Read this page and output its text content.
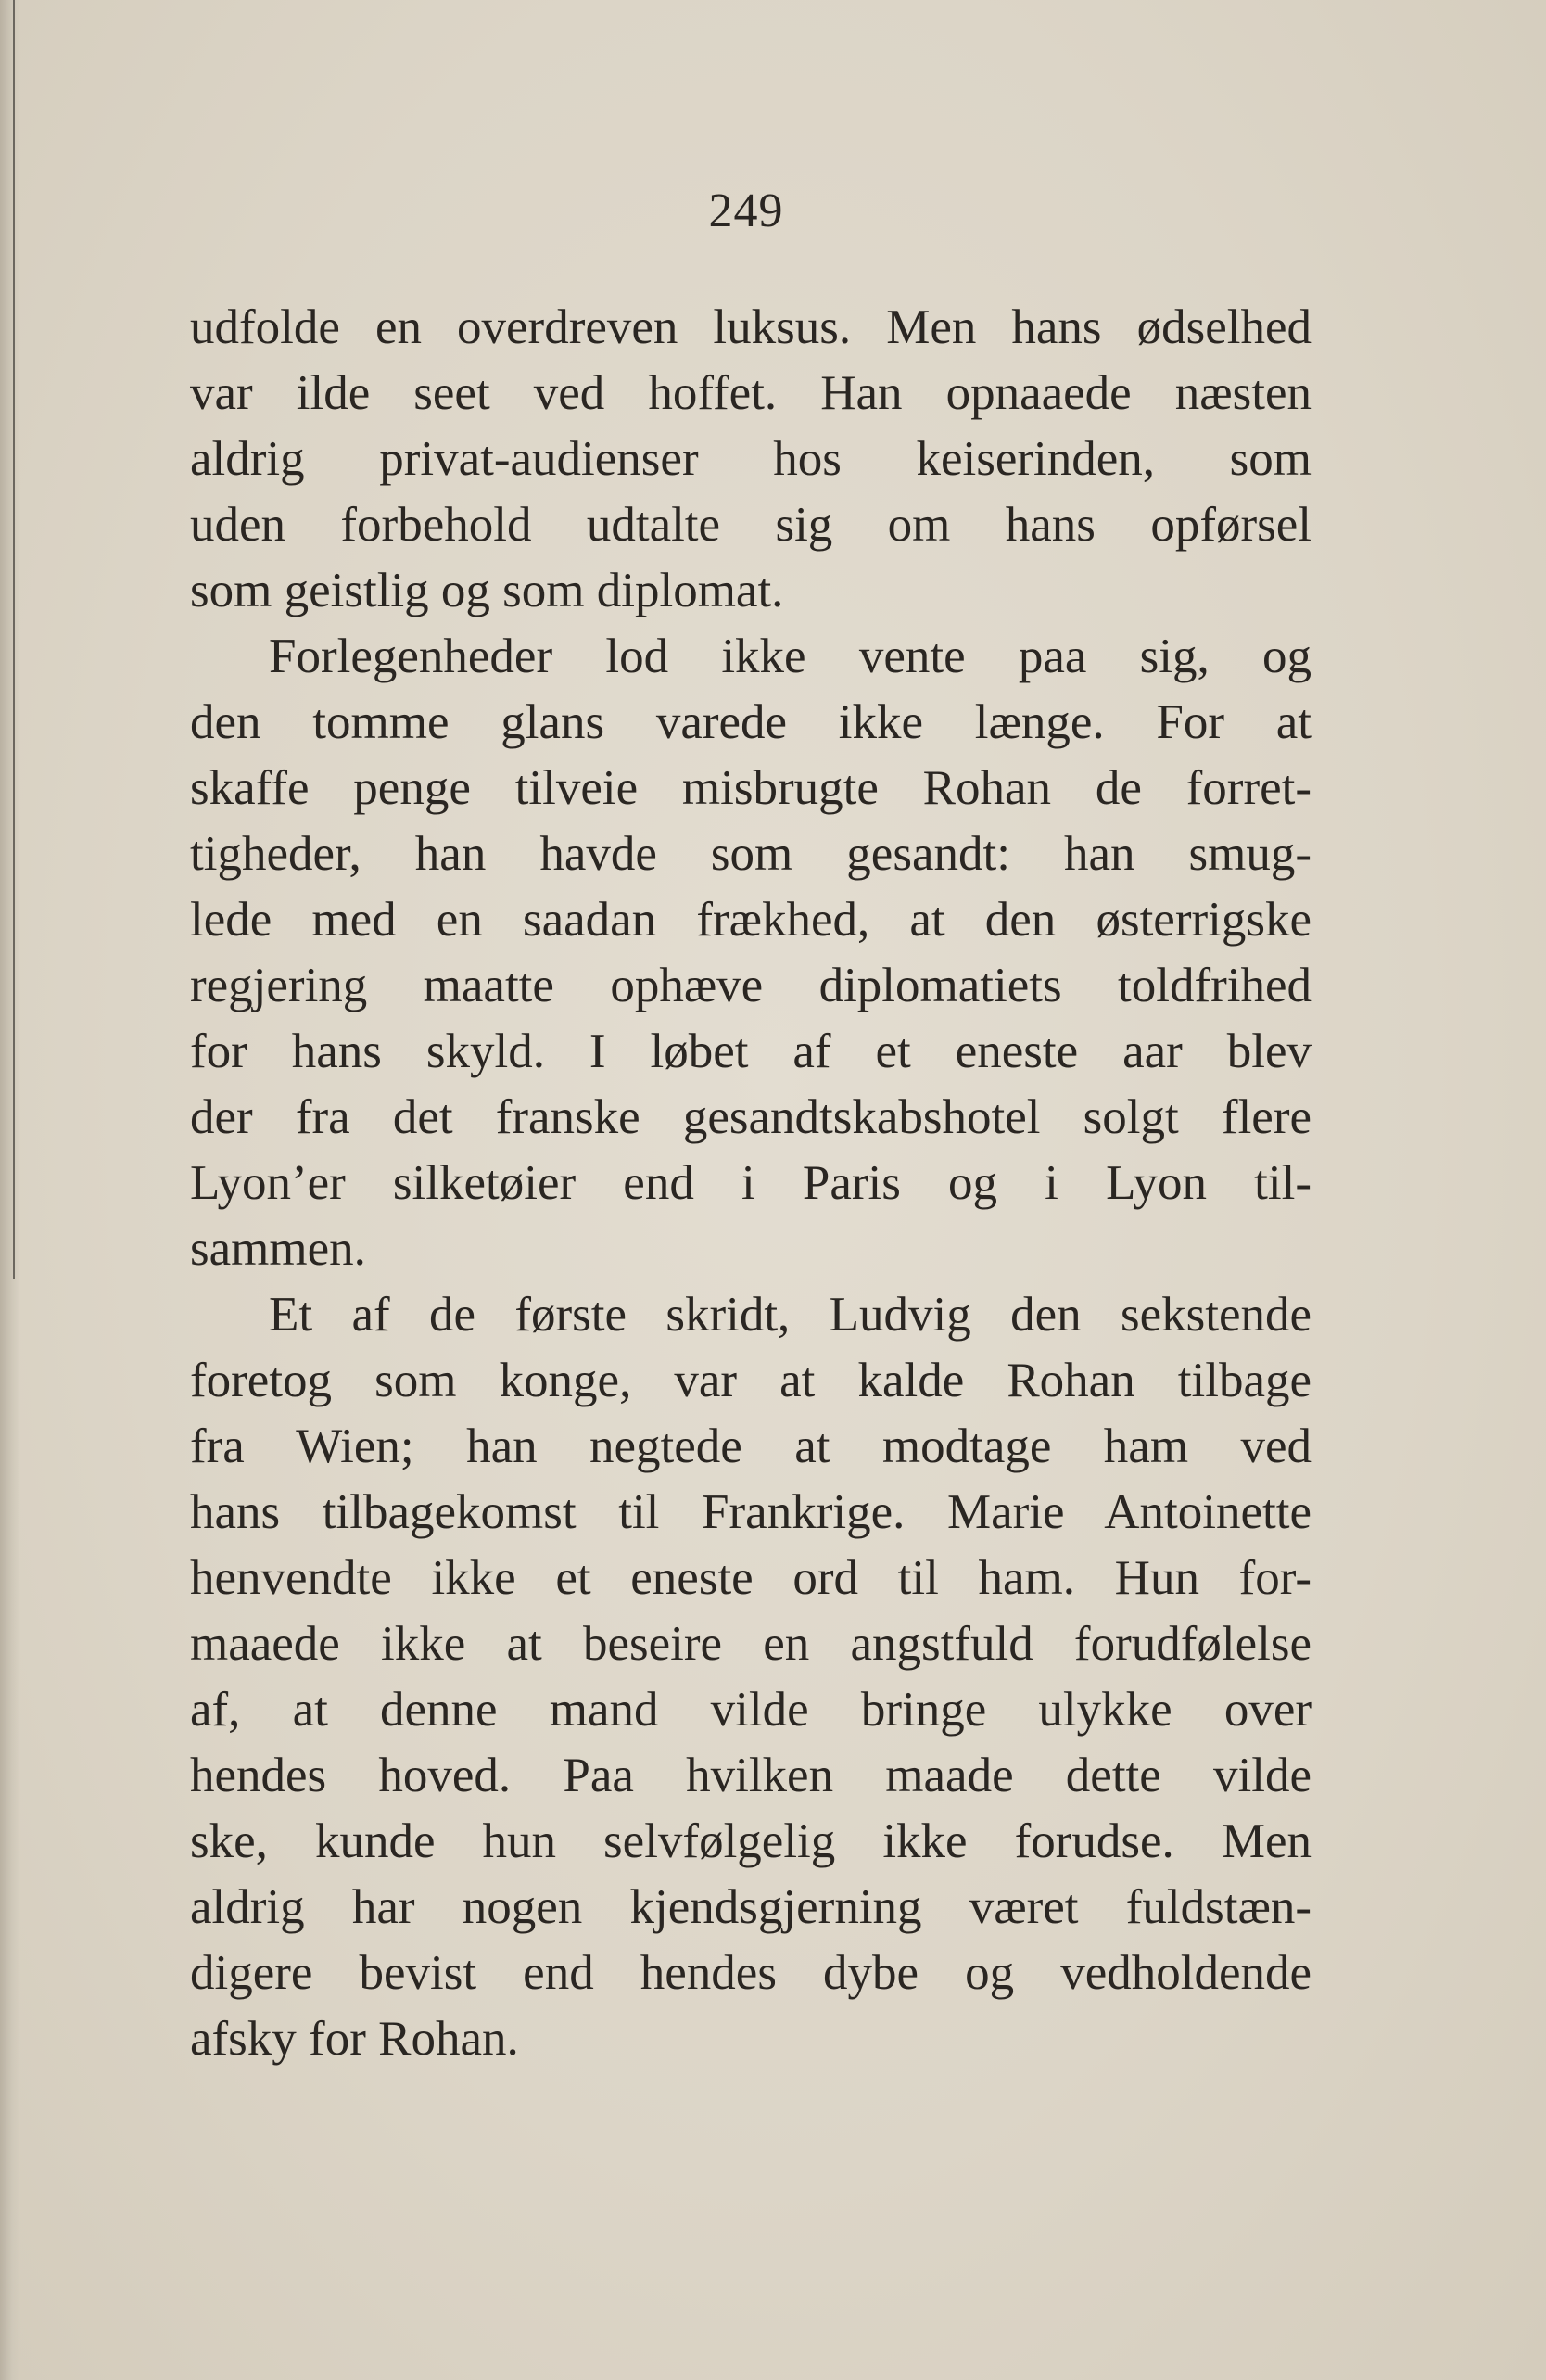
249
udfolde en overdreven luksus. Men hans ødselhed
var ilde seet ved hoffet. Han opnaaede næsten
aldrig privat-audienser hos keiserinden, som
uden forbehold udtalte sig om hans opførsel
som geistlig og som diplomat.
Forlegenheder lod ikke vente paa sig, og
den tomme glans varede ikke længe. For at
skaffe penge tilveie misbrugte Rohan de forret-
tigheder, han havde som gesandt: han smug-
lede med en saadan frækhed, at den østerrigske
regjering maatte ophæve diplomatiets toldfrihed
for hans skyld. I løbet af et eneste aar blev
der fra det franske gesandtskabshotel solgt flere
Lyon’er silketøier end i Paris og i Lyon til-
sammen.
Et af de første skridt, Ludvig den sekstende
foretog som konge, var at kalde Rohan tilbage
fra Wien; han negtede at modtage ham ved
hans tilbagekomst til Frankrige. Marie Antoinette
henvendte ikke et eneste ord til ham. Hun for-
maaede ikke at beseire en angstfuld forudfølelse
af, at denne mand vilde bringe ulykke over
hendes hoved. Paa hvilken maade dette vilde
ske, kunde hun selvfølgelig ikke forudse. Men
aldrig har nogen kjendsgjerning været fuldstæn-
digere bevist end hendes dybe og vedholdende
afsky for Rohan.
